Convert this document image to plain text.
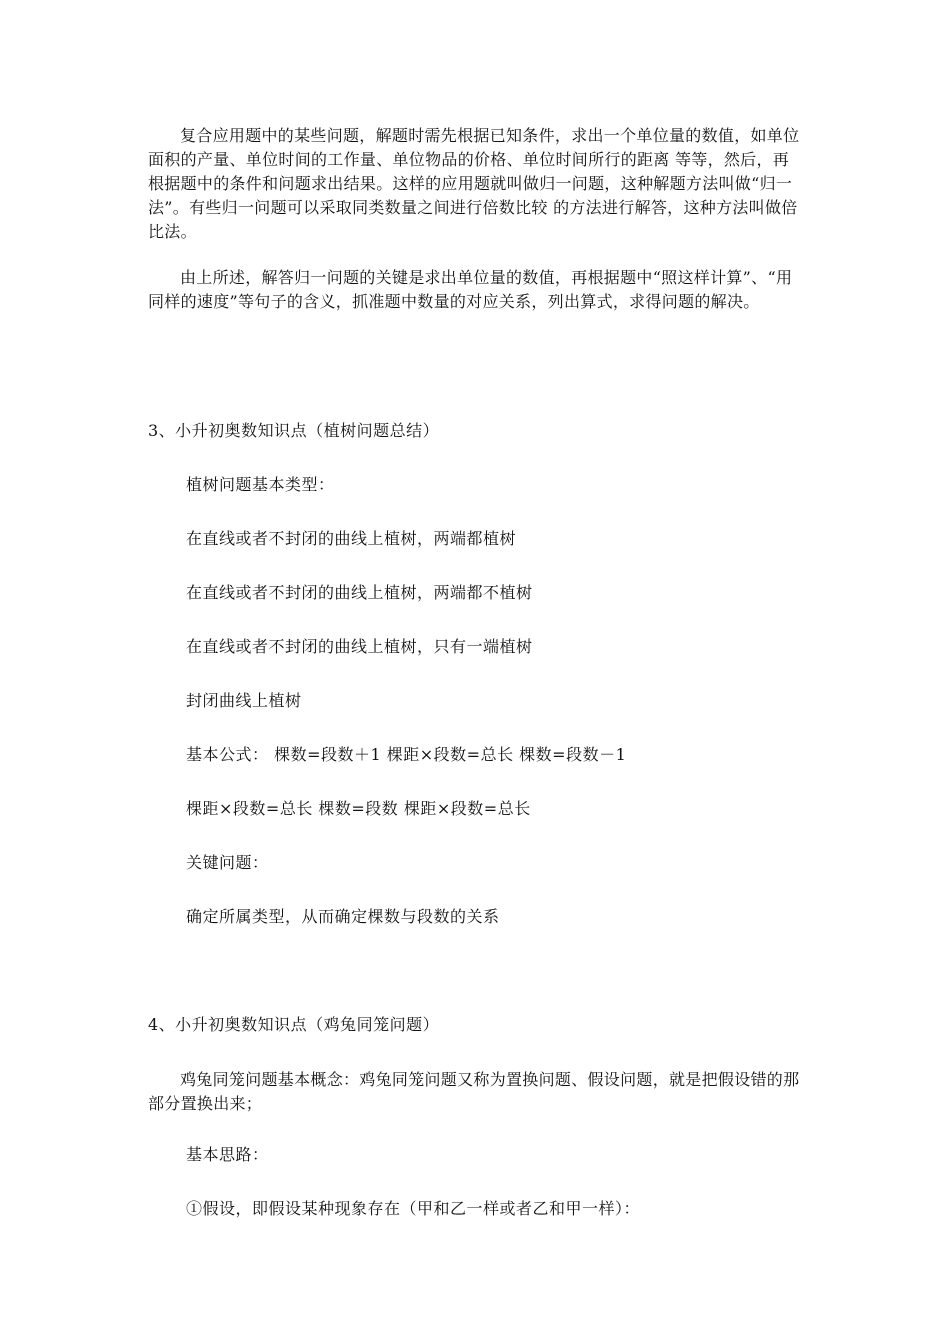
复合应用题中的某些问题，解题时需先根据已知条件，求出一个单位量的数值，如单位面积的产量、单位时间的工作量、单位物品的价格、单位时间所行的距离 等等，然后，再根据题中的条件和问题求出结果。这样的应用题就叫做归一问题，这种解题方法叫做“归一法”。有些归一问题可以采取同类数量之间进行倍数比较 的方法进行解答，这种方法叫做倍比法。

由上所述，解答归一问题的关键是求出单位量的数值，再根据题中“照这样计算”、“用同样的速度”等句子的含义，抓准题中数量的对应关系，列出算式，求得问题的解决。

3、小升初奥数知识点（植树问题总结）

植树问题基本类型：

在直线或者不封闭的曲线上植树，两端都植树

在直线或者不封闭的曲线上植树，两端都不植树

在直线或者不封闭的曲线上植树，只有一端植树

封闭曲线上植树

基本公式： 棵数=段数＋1 棵距×段数=总长 棵数=段数－1

棵距×段数=总长 棵数=段数 棵距×段数=总长

关键问题：

确定所属类型，从而确定棵数与段数的关系

4、小升初奥数知识点（鸡兔同笼问题）

鸡兔同笼问题基本概念：鸡兔同笼问题又称为置换问题、假设问题，就是把假设错的那部分置换出来；

基本思路：

①假设，即假设某种现象存在（甲和乙一样或者乙和甲一样）：
